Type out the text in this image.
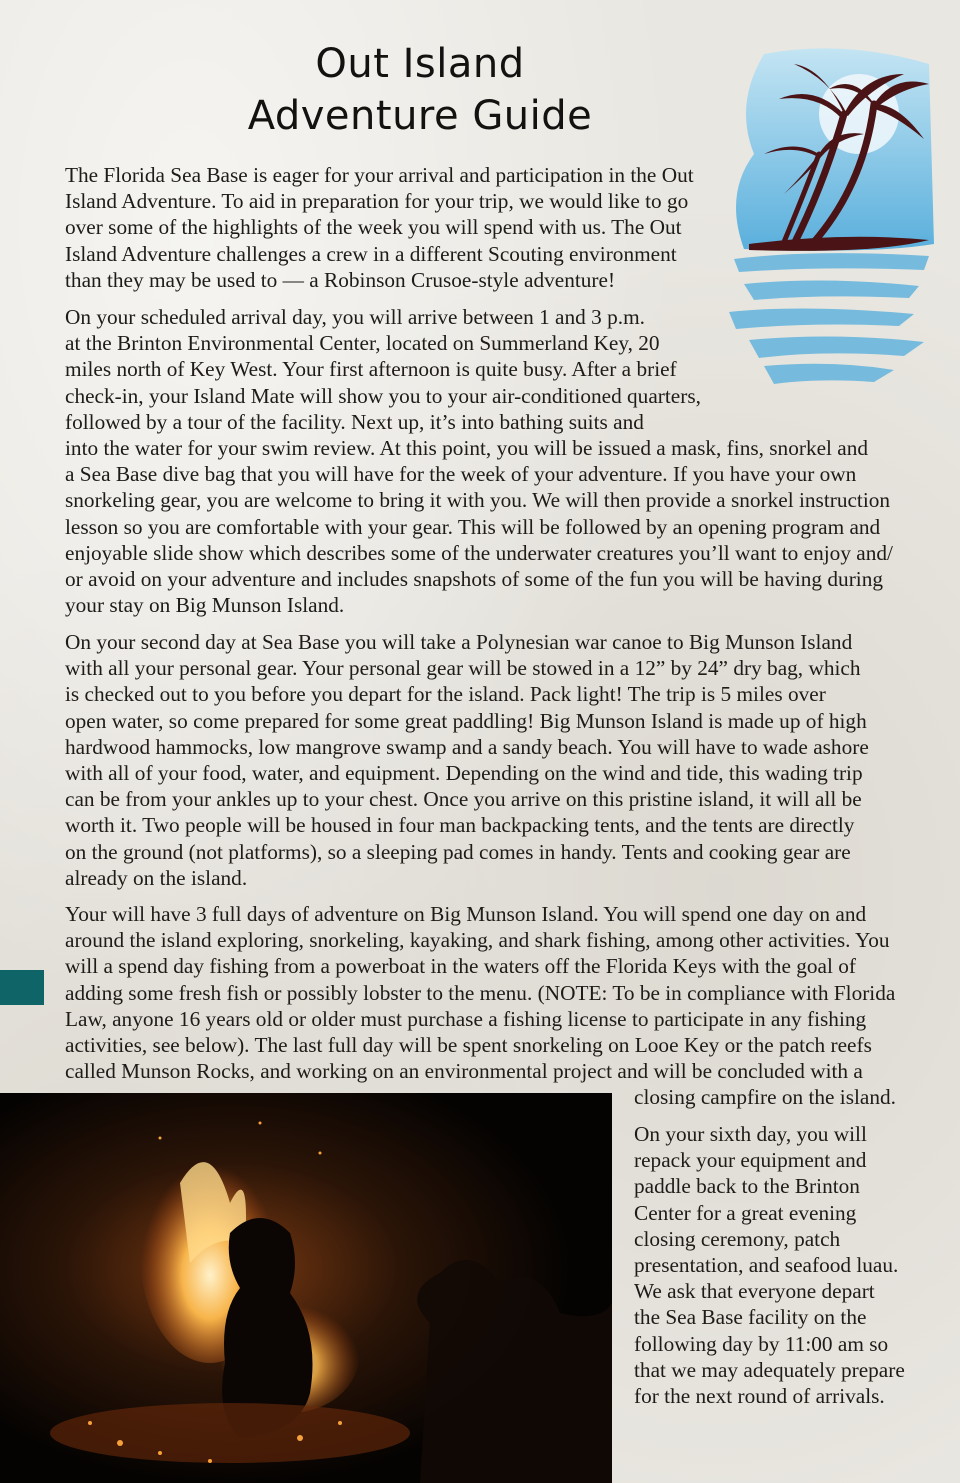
Out Island
Adventure Guide
The Florida Sea Base is eager for your arrival and participation in the Out
Island Adventure. To aid in preparation for your trip, we would like to go
over some of the highlights of the week you will spend with us. The Out
Island Adventure challenges a crew in a different Scouting environment
than they may be used to — a Robinson Crusoe-style adventure!
On your scheduled arrival day, you will arrive between 1 and 3 p.m.
at the Brinton Environmental Center, located on Summerland Key, 20
miles north of Key West. Your first afternoon is quite busy. After a brief
check-in, your Island Mate will show you to your air-conditioned quarters,
followed by a tour of the facility. Next up, it’s into bathing suits and
into the water for your swim review. At this point, you will be issued a mask, fins, snorkel and
a Sea Base dive bag that you will have for the week of your adventure. If you have your own
snorkeling gear, you are welcome to bring it with you. We will then provide a snorkel instruction
lesson so you are comfortable with your gear. This will be followed by an opening program and
enjoyable slide show which describes some of the underwater creatures you’ll want to enjoy and/
or avoid on your adventure and includes snapshots of some of the fun you will be having during
your stay on Big Munson Island.
On your second day at Sea Base you will take a Polynesian war canoe to Big Munson Island
with all your personal gear. Your personal gear will be stowed in a 12” by 24” dry bag, which
is checked out to you before you depart for the island. Pack light! The trip is 5 miles over
open water, so come prepared for some great paddling! Big Munson Island is made up of high
hardwood hammocks, low mangrove swamp and a sandy beach. You will have to wade ashore
with all of your food, water, and equipment. Depending on the wind and tide, this wading trip
can be from your ankles up to your chest. Once you arrive on this pristine island, it will all be
worth it. Two people will be housed in four man backpacking tents, and the tents are directly
on the ground (not platforms), so a sleeping pad comes in handy. Tents and cooking gear are
already on the island.
Your will have 3 full days of adventure on Big Munson Island. You will spend one day on and
around the island exploring, snorkeling, kayaking, and shark fishing, among other activities. You
will a spend day fishing from a powerboat in the waters off the Florida Keys with the goal of
adding some fresh fish or possibly lobster to the menu. (NOTE: To be in compliance with Florida
Law, anyone 16 years old or older must purchase a fishing license to participate in any fishing
activities, see below). The last full day will be spent snorkeling on Looe Key or the patch reefs
called Munson Rocks, and working on an environmental project and will be concluded with a
closing campfire on the island.
On your sixth day, you will
repack your equipment and
paddle back to the Brinton
Center for a great evening
closing ceremony, patch
presentation, and seafood luau.
We ask that everyone depart
the Sea Base facility on the
following day by 11:00 am so
that we may adequately prepare
for the next round of arrivals.
